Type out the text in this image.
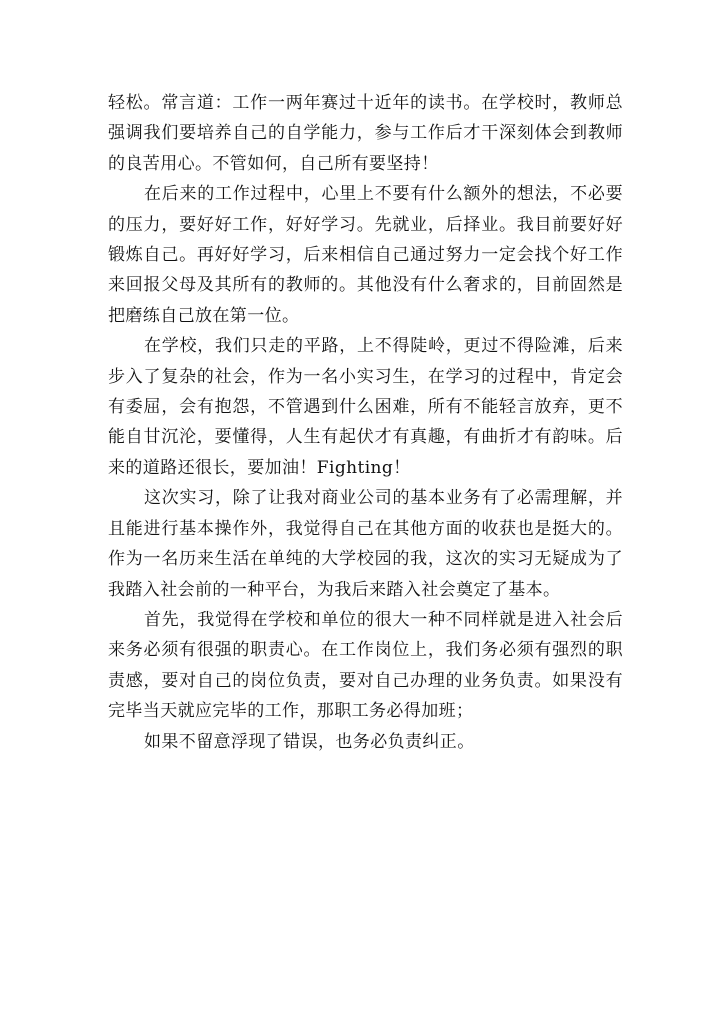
轻松。常言道：工作一两年赛过十近年的读书。在学校时，教师总强调我们要培养自己的自学能力，参与工作后才干深刻体会到教师的良苦用心。不管如何，自己所有要坚持！

在后来的工作过程中，心里上不要有什么额外的想法，不必要的压力，要好好工作，好好学习。先就业，后择业。我目前要好好锻炼自己。再好好学习，后来相信自己通过努力一定会找个好工作来回报父母及其所有的教师的。其他没有什么奢求的，目前固然是把磨练自己放在第一位。

在学校，我们只走的平路，上不得陡岭，更过不得险滩，后来步入了复杂的社会，作为一名小实习生，在学习的过程中，肯定会有委屈，会有抱怨，不管遇到什么困难，所有不能轻言放弃，更不能自甘沉沦，要懂得，人生有起伏才有真趣，有曲折才有韵味。后来的道路还很长，要加油！Fighting！

这次实习，除了让我对商业公司的基本业务有了必需理解，并且能进行基本操作外，我觉得自己在其他方面的收获也是挺大的。作为一名历来生活在单纯的大学校园的我，这次的实习无疑成为了我踏入社会前的一种平台，为我后来踏入社会奠定了基本。

首先，我觉得在学校和单位的很大一种不同样就是进入社会后来务必须有很强的职责心。在工作岗位上，我们务必须有强烈的职责感，要对自己的岗位负责，要对自己办理的业务负责。如果没有完毕当天就应完毕的工作，那职工务必得加班；

如果不留意浮现了错误，也务必负责纠正。
